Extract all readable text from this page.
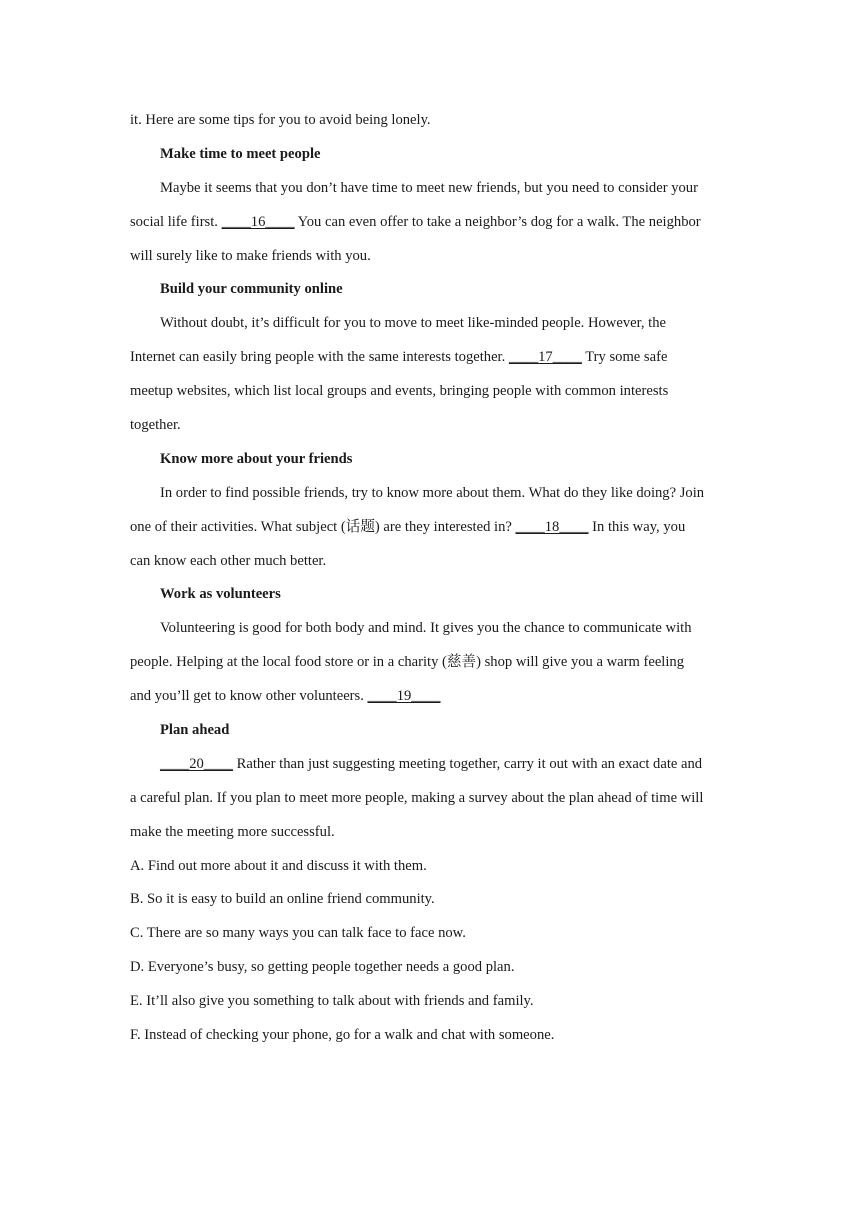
it. Here are some tips for you to avoid being lonely.
Make time to meet people
Maybe it seems that you don’t have time to meet new friends, but you need to consider your
social life first. ____16____ You can even offer to take a neighbor’s dog for a walk. The neighbor
will surely like to make friends with you.
Build your community online
Without doubt, it’s difficult for you to move to meet like-minded people. However, the
Internet can easily bring people with the same interests together. ____17____ Try some safe
meetup websites, which list local groups and events, bringing people with common interests
together.
Know more about your friends
In order to find possible friends, try to know more about them. What do they like doing? Join
one of their activities. What subject (话题) are they interested in? ____18____ In this way, you
can know each other much better.
Work as volunteers
Volunteering is good for both body and mind. It gives you the chance to communicate with
people. Helping at the local food store or in a charity (慈善) shop will give you a warm feeling
and you’ll get to know other volunteers. ____19____
Plan ahead
____20____ Rather than just suggesting meeting together, carry it out with an exact date and
a careful plan. If you plan to meet more people, making a survey about the plan ahead of time will
make the meeting more successful.
A. Find out more about it and discuss it with them.
B. So it is easy to build an online friend community.
C. There are so many ways you can talk face to face now.
D. Everyone’s busy, so getting people together needs a good plan.
E. It’ll also give you something to talk about with friends and family.
F. Instead of checking your phone, go for a walk and chat with someone.
